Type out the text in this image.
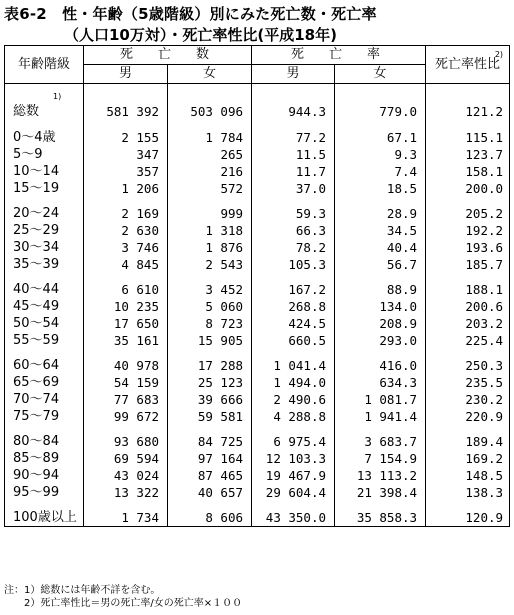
表6-2　性・年齢（5歳階級）別にみた死亡数・死亡率
（人口10万対）・死亡率性比(平成18年)
年齢階級	死　亡　数		死　亡　率		2)
死亡率性比
	男	女	男	女	

1)					
総数	581 392	503 096	944.3	779.0	121.2

0～4歳	2 155	1 784	77.2	67.1	115.1
5～9	347	265	11.5	9.3	123.7
10～14	357	216	11.7	7.4	158.1
15～19	1 206	572	37.0	18.5	200.0

20～24	2 169	999	59.3	28.9	205.2
25～29	2 630	1 318	66.3	34.5	192.2
30～34	3 746	1 876	78.2	40.4	193.6
35～39	4 845	2 543	105.3	56.7	185.7

40～44	6 610	3 452	167.2	88.9	188.1
45～49	10 235	5 060	268.8	134.0	200.6
50～54	17 650	8 723	424.5	208.9	203.2
55～59	35 161	15 905	660.5	293.0	225.4

60～64	40 978	17 288	1 041.4	416.0	250.3
65～69	54 159	25 123	1 494.0	634.3	235.5
70～74	77 683	39 666	2 490.6	1 081.7	230.2
75～79	99 672	59 581	4 288.8	1 941.4	220.9

80～84	93 680	84 725	6 975.4	3 683.7	189.4
85～89	69 594	97 164	12 103.3	7 154.9	169.2
90～94	43 024	87 465	19 467.9	13 113.2	148.5
95～99	13 322	40 657	29 604.4	21 398.4	138.3

100歳以上	1 734	8 606	43 350.0	35 858.3	120.9
注：1）総数には年齢不詳を含む。
　　2）死亡率性比＝男の死亡率/女の死亡率×１００
